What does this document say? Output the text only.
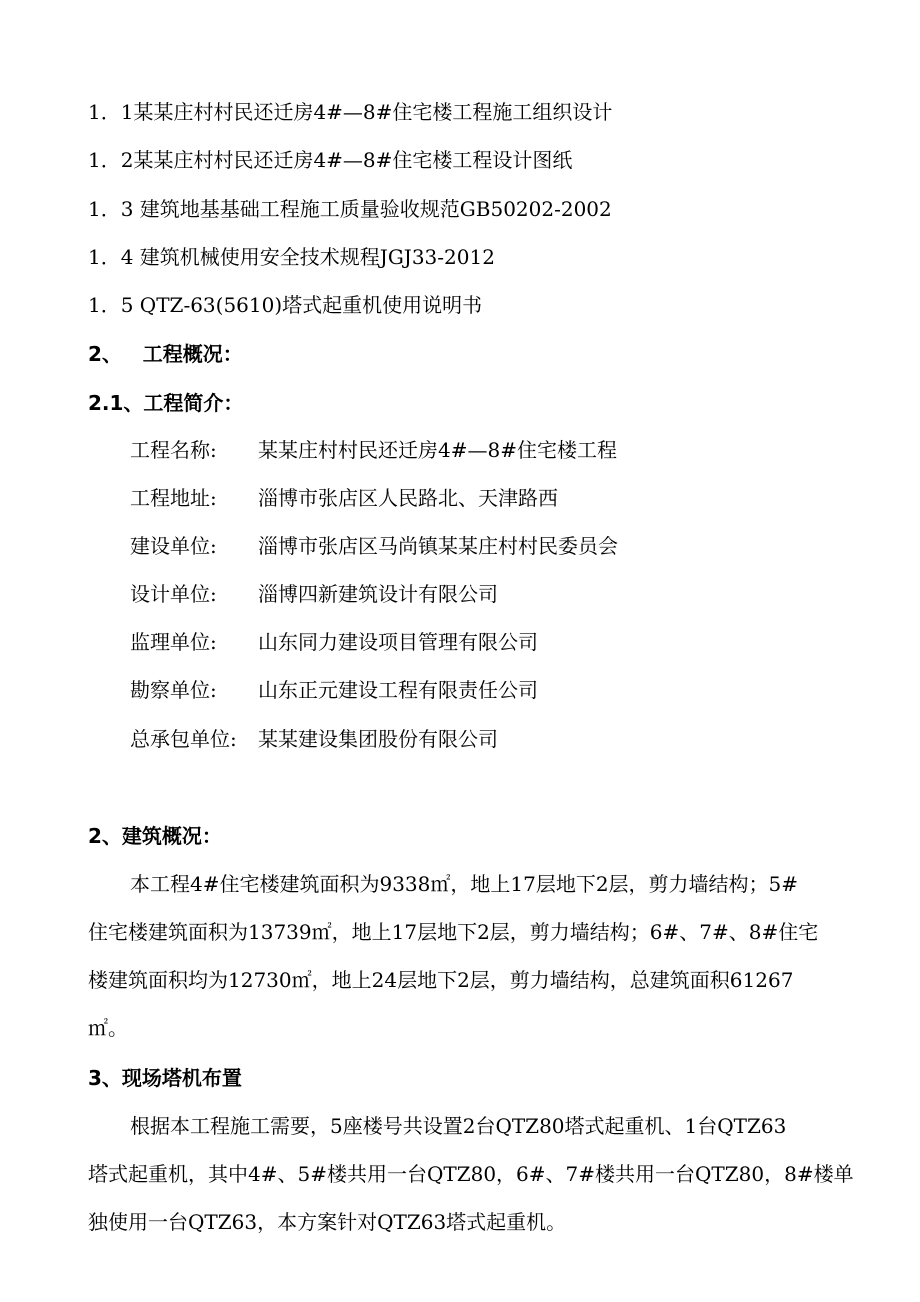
1．1某某庄村村民还迁房4#—8#住宅楼工程施工组织设计
1．2某某庄村村民还迁房4#—8#住宅楼工程设计图纸
1．3 建筑地基基础工程施工质量验收规范GB50202-2002
1．4 建筑机械使用安全技术规程JGJ33-2012
1．5 QTZ-63(5610)塔式起重机使用说明书
2、   工程概况：
2.1、工程简介：
工程名称: 某某庄村村民还迁房4#—8#住宅楼工程
工程地址: 淄博市张店区人民路北、天津路西
建设单位: 淄博市张店区马尚镇某某庄村村民委员会
设计单位: 淄博四新建筑设计有限公司
监理单位: 山东同力建设项目管理有限公司
勘察单位: 山东正元建设工程有限责任公司
总承包单位: 某某建设集团股份有限公司
2、建筑概况：
本工程4#住宅楼建筑面积为9338㎡，地上17层地下2层，剪力墙结构；5#
住宅楼建筑面积为13739㎡，地上17层地下2层，剪力墙结构；6#、7#、8#住宅
楼建筑面积均为12730㎡，地上24层地下2层，剪力墙结构，总建筑面积61267
㎡。
3、现场塔机布置
根据本工程施工需要，5座楼号共设置2台QTZ80塔式起重机、1台QTZ63
塔式起重机，其中4#、5#楼共用一台QTZ80，6#、7#楼共用一台QTZ80，8#楼单
独使用一台QTZ63，本方案针对QTZ63塔式起重机。
